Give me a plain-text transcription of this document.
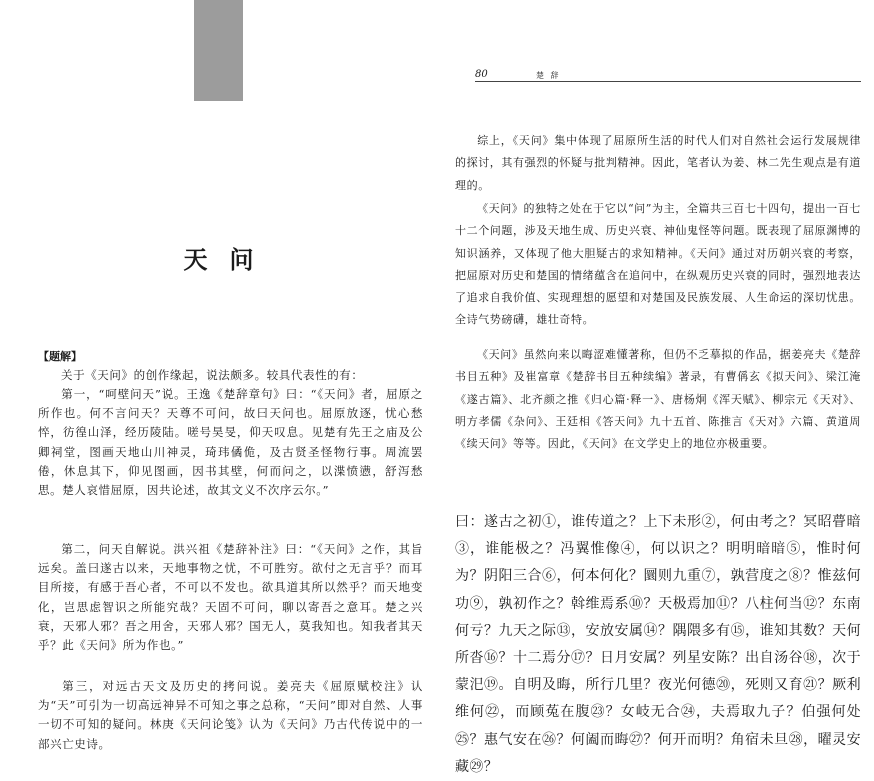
天问
【题解】

关于《天问》的创作缘起，说法颇多。较具代表性的有：

第一，“呵壁问天”说。王逸《楚辞章句》曰：“《天问》者，屈原之所作也。何不言问天？天尊不可问，故曰天问也。屈原放逐，忧心愁悴，彷徨山泽，经历陵陆。嗟号昊旻，仰天叹息。见楚有先王之庙及公卿祠堂，图画天地山川神灵，琦玮僪佹，及古贤圣怪物行事。周流罢倦，休息其下，仰见图画，因书其壁，何而问之，以渫愤懑，舒泻愁思。楚人哀惜屈原，因共论述，故其文义不次序云尔。”

第二，问天自解说。洪兴祖《楚辞补注》曰：“《天问》之作，其旨远矣。盖曰遂古以来，天地事物之忧，不可胜穷。欲付之无言乎？而耳目所接，有感于吾心者，不可以不发也。欲具道其所以然乎？而天地变化，岂思虑智识之所能究哉？天固不可问，聊以寄吾之意耳。楚之兴衰，天邪人邪？吾之用舍，天邪人邪？国无人，莫我知也。知我者其天乎？此《天问》所为作也。”

第三，对远古天文及历史的拷问说。姜亮夫《屈原赋校注》认为“天”可引为一切高远神异不可知之事之总称，“天问”即对自然、人事一切不可知的疑问。林庚《天问论笺》认为《天问》乃古代传说中的一部兴亡史诗。

80	楚 辞

综上，《天问》集中体现了屈原所生活的时代人们对自然社会运行发展规律的探讨，其有强烈的怀疑与批判精神。因此，笔者认为姜、林二先生观点是有道理的。

《天问》的独特之处在于它以“问”为主，全篇共三百七十四句，提出一百七十二个问题，涉及天地生成、历史兴衰、神仙鬼怪等问题。既表现了屈原渊博的知识涵养，又体现了他大胆疑古的求知精神。《天问》通过对历朝兴衰的考察，把屈原对历史和楚国的情绪蕴含在追问中，在纵观历史兴衰的同时，强烈地表达了追求自我价值、实现理想的愿望和对楚国及民族发展、人生命运的深切忧患。全诗气势磅礴，雄壮奇特。

《天问》虽然向来以晦涩难懂著称，但仍不乏摹拟的作品，据姜亮夫《楚辞书目五种》及崔富章《楚辞书目五种续编》著录，有曹偁玄《拟天问》、梁江淹《遂古篇》、北齐颜之推《归心篇·释一》、唐杨炯《浑天赋》、柳宗元《天对》、明方孝儒《杂问》、王廷相《答天问》九十五首、陈推言《天对》六篇、黄道周《续天问》等等。因此，《天问》在文学史上的地位亦极重要。

曰：遂古之初①，谁传道之？上下未形②，何由考之？冥昭瞢暗③，谁能极之？冯翼惟像④，何以识之？明明暗暗⑤，惟时何为？阴阳三合⑥，何本何化？圜则九重⑦，孰营度之⑧？惟兹何功⑨，孰初作之？斡维焉系⑩？天极焉加⑪？八柱何当⑫？东南何亏？九天之际⑬，安放安属⑭？隅隈多有⑮，谁知其数？天何所沓⑯？十二焉分⑰？日月安属？列星安陈？出自汤谷⑱，次于蒙汜⑲。自明及晦，所行几里？夜光何德⑳，死则又育㉑？厥利维何㉒，而顾菟在腹㉓？女岐无合㉔，夫焉取九子？伯强何处㉕？惠气安在㉖？何阖而晦㉗？何开而明？角宿未旦㉘，曜灵安藏㉙？
